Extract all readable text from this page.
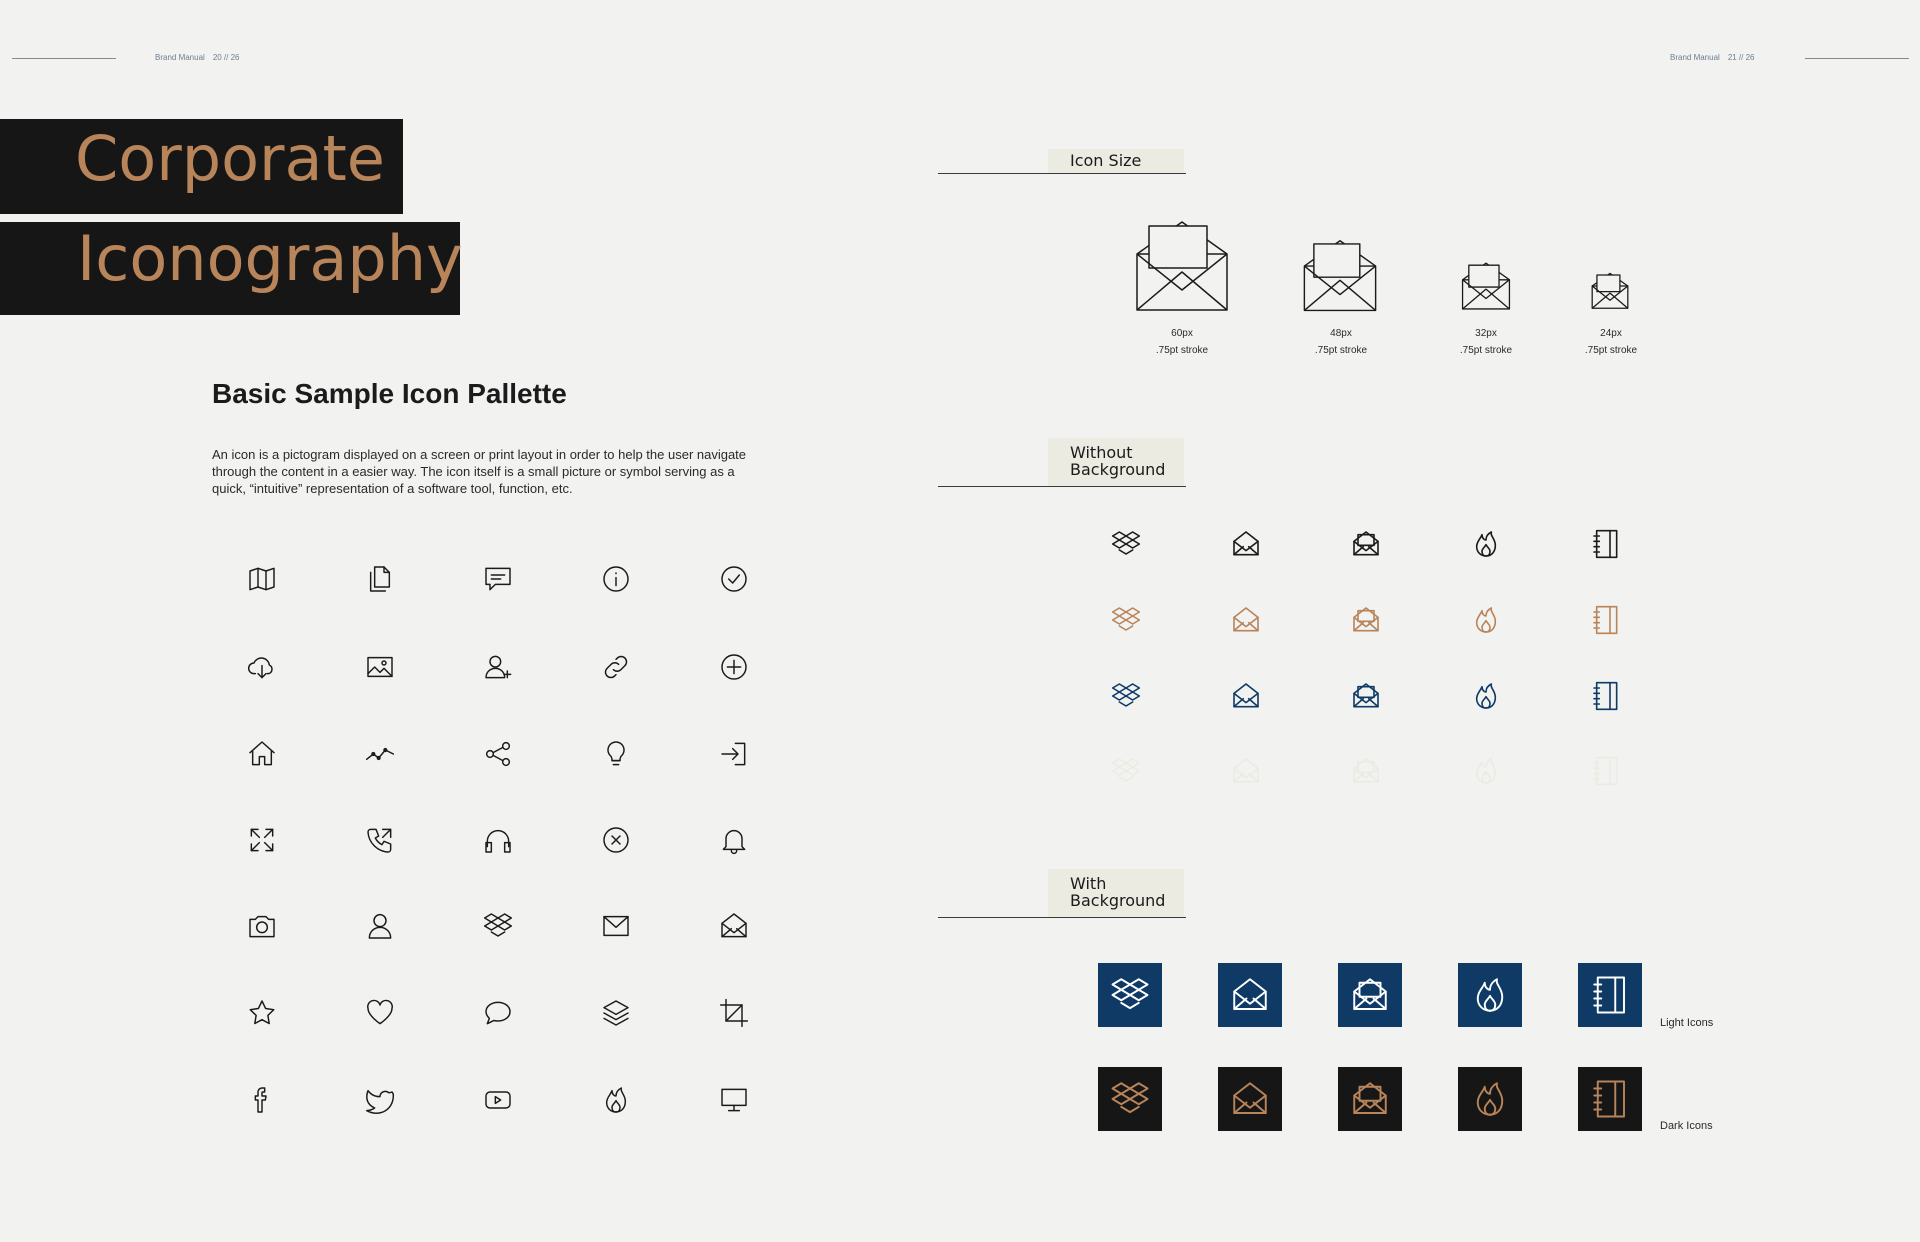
Brand Manual 20 // 26	Brand Manual 21 // 26
Corporate
Iconography
Basic Sample Icon Pallette
An icon is a pictogram displayed on a screen or print layout in order to help the user navigate
through the content in a easier way. The icon itself is a small picture or symbol serving as a
quick, “intuitive” representation of a software tool, function, etc.
Icon Size
60px
.75pt stroke
48px
.75pt stroke
32px
.75pt stroke
24px
.75pt stroke
Without
Background
With
Background
Light Icons
Dark Icons
